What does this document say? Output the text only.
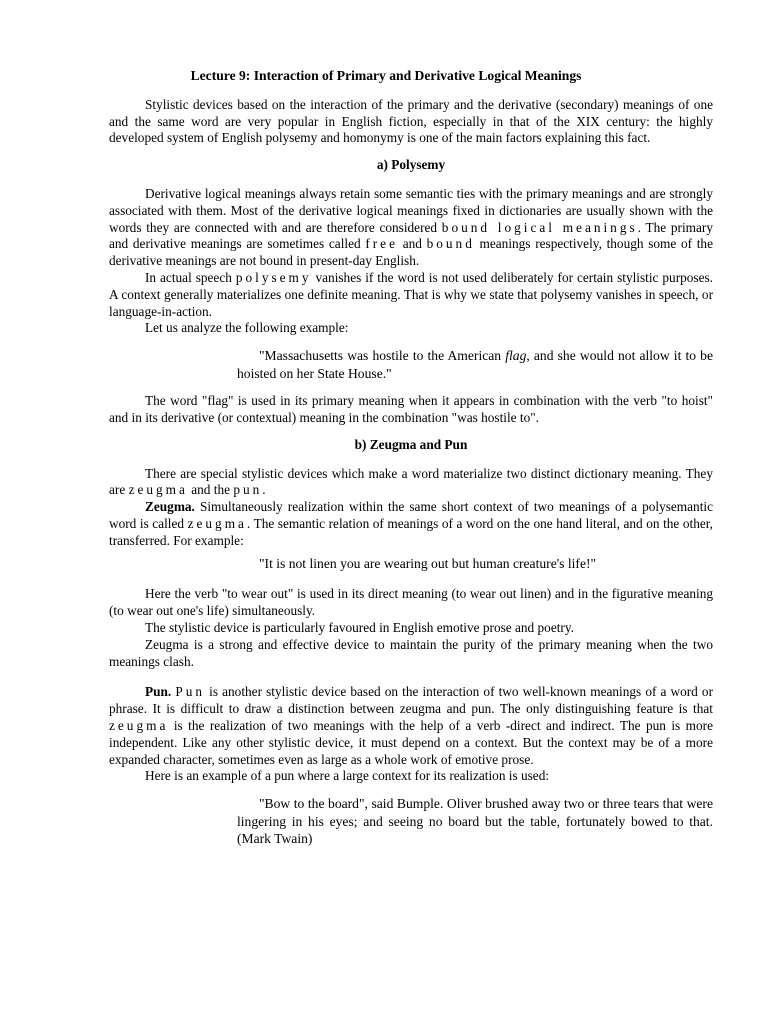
Lecture 9: Interaction of Primary and Derivative Logical Meanings

Stylistic devices based on the interaction of the primary and the derivative (secondary) meanings of one and the same word are very popular in English fiction, especially in that of the XIX century: the highly developed system of English polysemy and homonymy is one of the main factors explaining this fact.

a) Polysemy

Derivative logical meanings always retain some semantic ties with the primary meanings and are strongly associated with them. Most of the derivative logical meanings fixed in dictionaries are usually shown with the words they are connected with and are therefore considered bound logical meanings. The primary and derivative meanings are sometimes called free and bound meanings respectively, though some of the derivative meanings are not bound in present-day English.

In actual speech polysemy vanishes if the word is not used deliberately for certain stylistic purposes. A context generally materializes one definite meaning. That is why we state that polysemy vanishes in speech, or language-in-action.

Let us analyze the following example:

"Massachusetts was hostile to the American flag, and she would not allow it to be hoisted on her State House."

The word "flag" is used in its primary meaning when it appears in combination with the verb "to hoist" and in its derivative (or contextual) meaning in the combination "was hostile to".

b) Zeugma and Pun

There are special stylistic devices which make a word materialize two distinct dictionary meaning. They are zeugma and the pun.

Zeugma. Simultaneously realization within the same short context of two meanings of a polysemantic word is called zeugma. The semantic relation of meanings of a word on the one hand literal, and on the other, transferred. For example:

"It is not linen you are wearing out but human creature's life!"

Here the verb "to wear out" is used in its direct meaning (to wear out linen) and in the figurative meaning (to wear out one's life) simultaneously.

The stylistic device is particularly favoured in English emotive prose and poetry.

Zeugma is a strong and effective device to maintain the purity of the primary meaning when the two meanings clash.

Pun. Pun is another stylistic device based on the interaction of two well-known meanings of a word or phrase. It is difficult to draw a distinction between zeugma and pun. The only distinguishing feature is that zeugma is the realization of two meanings with the help of a verb -direct and indirect. The pun is more independent. Like any other stylistic device, it must depend on a context. But the context may be of a more expanded character, sometimes even as large as a whole work of emotive prose.

Here is an example of a pun where a large context for its realization is used:

"Bow to the board", said Bumple. Oliver brushed away two or three tears that were lingering in his eyes; and seeing no board but the table, fortunately bowed to that. (Mark Twain)
